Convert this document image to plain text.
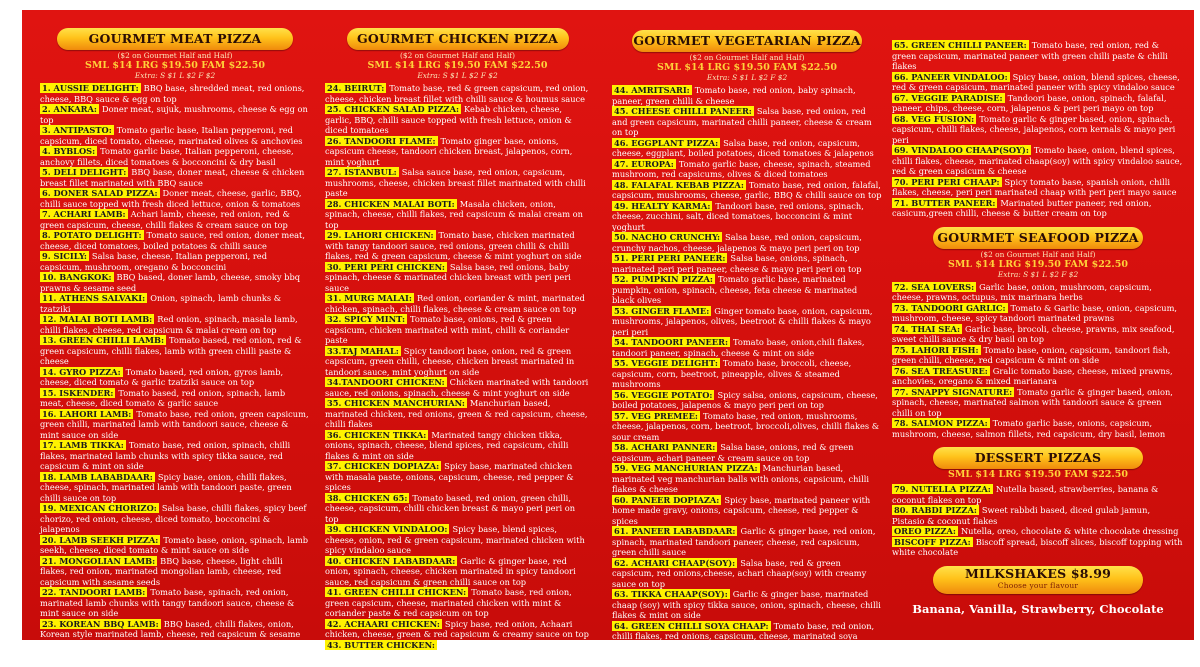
GOURMET MEAT PIZZA
($2 on Gourmet Half and Half)
SML $14 LRG $19.50 FAM $22.50
Extra: S $1 L $2 F $2

1. AUSSIE DELIGHT: BBQ base, shredded meat, red onions, cheese, BBQ sauce & egg on top

2. ANKARA: Doner meat, sujuk, mushrooms, cheese & egg on top

3. ANTIPASTO: Tomato garlic base, Italian pepperoni, red capsicum, diced tomato, cheese, marinated olives & anchovies

4. BYBLOS: Tomato garlic base, Italian pepperoni, cheese, anchovy fillets, diced tomatoes & bocconcini & dry basil

5. DELI DELIGHT: BBQ base, doner meat, cheese & chicken breast fillet marinated with BBQ sauce

6. DONER SALAD PIZZA: Doner meat, cheese, garlic, BBQ, chilli sauce topped with fresh diced lettuce, onion & tomatoes

7. ACHARI LAMB: Achari lamb, cheese, red onion, red & green capsicum, cheese, chilli flakes & cream sauce on top

8. POTATO DELIGHT: Tomato sauce, red onion, doner meat, cheese, diced tomatoes, boiled potatoes & chilli sauce

9. SICILY: Salsa base, cheese, Italian pepperoni, red capsicum, mushroom, oregano & bocconcini

10. BANGKOK: BBQ based, doner lamb, cheese, smoky bbq prawns & sesame seed

11. ATHENS SALVAKI: Onion, spinach, lamb chunks & tzatziki

12. MALAI BOTI LAMB: Red onion, spinach, masala lamb, chilli flakes, cheese, red capsicum & malai cream on top

13. GREEN CHILLI LAMB: Tomato based, red onion, red & green capsicum, chilli flakes, lamb with green chilli paste & cheese

14. GYRO PIZZA: Tomato based, red onion, gyros lamb, cheese, diced tomato & garlic tzatziki sauce on top

15. ISKENDER: Tomato based, red onion, spinach, lamb meat, cheese, diced tomato & garlic sauce

16. LAHORI LAMB: Tomato base, red onion, green capsicum, green chilli, marinated lamb with tandoori sauce, cheese & mint sauce on side

17. LAMB TIKKA: Tomato base, red onion, spinach, chilli flakes, marinated lamb chunks with spicy tikka sauce, red capsicum & mint on side

18. LAMB LABABDAAR: Spicy base, onion, chilli flakes, cheese, spinach, marinated lamb with tandoori paste, green chilli sauce on top

19. MEXICAN CHORIZO: Salsa base, chilli flakes, spicy beef chorizo, red onion, cheese, diced tomato, bocconcini & jalapenos

20. LAMB SEEKH PIZZA: Tomato base, onion, spinach, lamb seekh, cheese, diced tomato & mint sauce on side

21. MONGOLIAN LAMB: BBQ base, cheese, light chilli flakes, red onion, marinated mongolian lamb, cheese, red capsicum with sesame seeds

22. TANDOORI LAMB: Tomato base, spinach, red onion, marinated lamb chunks with tangy tandoori sauce, cheese & mint sauce on side

23. KOREAN BBQ LAMB: BBQ based, chilli flakes, onion, Korean style marinated lamb, cheese, red capsicum & sesame seeds

GOURMET CHICKEN PIZZA
($2 on Gourmet Half and Half)
SML $14 LRG $19.50 FAM $22.50
Extra: S $1 L $2 F $2

24. BEIRUT: Tomato base, red & green capsicum, red onion, cheese, chicken breast fillet with chilli sauce & houmus sauce

25. CHICKEN SALAD PIZZA: Kebab chicken, cheese, garlic, BBQ, chilli sauce topped with fresh lettuce, onion & diced tomatoes

26. TANDOORI FLAME: Tomato ginger base, onions, capsicum cheese, tandoori chicken breast, jalapenos, corn, mint yoghurt

27. ISTANBUL: Salsa sauce base, red onion, capsicum, mushrooms, cheese, chicken breast fillet marinated with chilli paste

28. CHICKEN MALAI BOTI: Masala chicken, onion, spinach, cheese, chilli flakes, red capsicum & malai cream on top

29. LAHORI CHICKEN: Tomato base, chicken marinated with tangy tandoori sauce, red onions, green chilli & chilli flakes, red & green capsicum, cheese & mint yoghurt on side

30. PERI PERI CHICKEN: Salsa base, red onions, baby spinach, cheese & marinated chicken breast with peri peri sauce

31. MURG MALAI: Red onion, coriander & mint, marinated chicken, spinach, chilli flakes, cheese & cream sauce on top

32. SPICY MINT: Tomato base, onions, red & green capsicum, chicken marinated with mint, chilli & coriander paste

33.TAJ MAHAL: Spicy tandoori base, onion, red & green capsicum, green chilli, cheese, chicken breast marinated in tandoori sauce, mint yoghurt on side

34.TANDOORI CHICKEN: Chicken marinated with tandoori sauce, red onions, spinach, cheese & mint yoghurt on side

35. CHICKEN MANCHURIAN: Manchurian based, marinated chicken, red onions, green & red capsicum, cheese, chilli flakes

36. CHICKEN TIKKA: Marinated tangy chicken tikka, onions, spinach, cheese, blend spices, red capsicum, chilli flakes & mint on side

37. CHICKEN DOPIAZA: Spicy base, marinated chicken with masala paste, onions, capsicum, cheese, red pepper & spices

38. CHICKEN 65: Tomato based, red onion, green chilli, cheese, capsicum, chilli chicken breast & mayo peri peri on top

39. CHICKEN VINDALOO: Spicy base, blend spices, cheese, onion, red & green capsicum, marinated chicken with spicy vindaloo sauce

40. CHICKEN LABABDAAR: Garlic & ginger base, red onion, spinach, cheese, chicken marinated in spicy tandoori sauce, red capsicum & green chilli sauce on top

41. GREEN CHILLI CHICKEN: Tomato base, red onion, green capsicum, cheese, marinated chicken with mint & coriander paste & red capsicum on top

42. ACHAARI CHICKEN: Spicy base, red onion, Achaari chicken, cheese, green & red capsicum & creamy sauce on top

43. BUTTER CHICKEN: Marinated butter chicken, red onion, casicum, green chilli, cheese & butter cream on top

GOURMET VEGETARIAN PIZZA
($2 on Gourmet Half and Half)
SML $14 LRG $19.50 FAM $22.50
Extra: S $1 L $2 F $2

44. AMRITSARI: Tomato base, red onion, baby spinach, paneer, green chilli & cheese

45. CHEESE CHILLI PANEER: Salsa base, red onion, red and green capsicum, marinated chilli paneer, cheese & cream on top

46. EGGPLANT PIZZA: Salsa base, red onion, capsicum, cheese, eggplant, boiled potatoes, diced tomatoes & jalapenos

47. EUROPA: Tomato garlic base, cheese, spinach, steamed mushroom, red capsicums, olives & diced tomatoes

48. FALAFAL KEBAB PIZZA: Tomato base, red onion, falafal, capsicum, mushrooms, cheese, garlic, BBQ & chilli sauce on top

49. HEALTY KARMA: Tandoori base, red onions, spinach, cheese, zucchini, salt, diced tomatoes, bocconcini & mint yoghurt

50. NACHO CRUNCHY: Salsa base, red onion, capsicum, crunchy nachos, cheese, jalapenos & mayo peri peri on top

51. PERI PERI PANEER: Salsa base, onions, spinach, marinated peri peri paneer, cheese & mayo peri peri on top

52. PUMPKIN PIZZA: Tomato garlic base, marinated pumpkin, onion, spinach, cheese, feta cheese & marinated black olives

53. GINGER FLAME: Ginger tomato base, onion, capsicum, mushrooms, jalapenos, olives, beetroot & chilli flakes & mayo peri peri

54. TANDOORI PANEER: Tomato base, onion,chili flakes, tandoori paneer, spinach, cheese & mint on side

55. VEGGIE DELIGHT: Tomato base, broccoli, cheese, capsicum, corn, beetroot, pineapple, olives & steamed mushrooms

56. VEGGIE POTATO: Spicy salsa, onions, capsicum, cheese, boiled potatoes, jalapenos & mayo peri peri on top

57. VEG PREMEE: Tomato base, red onion, mushrooms, cheese, jalapenos, corn, beetroot, broccoli,olives, chilli flakes & sour cream

58. ACHARI PANNER: Salsa base, onions, red & green capsicum, achari paneer & cream sauce on top

59. VEG MANCHURIAN PIZZA: Manchurian based, marinated veg manchurian balls with onions, capsicum, chilli flakes & cheese

60. PANEER DOPIAZA: Spicy base, marinated paneer with home made gravy, onions, capsicum, cheese, red pepper & spices

61. PANEER LABABDAAR: Garlic & ginger base, red onion, spinach, marinated tandoori paneer, cheese, red capsicum, green chilli sauce

62. ACHARI CHAAP(SOY): Salsa base, red & green capsicum, red onions,cheese, achari chaap(soy) with creamy sauce on top

63. TIKKA CHAAP(SOY): Garlic & ginger base, marinated chaap (soy) with spicy tikka sauce, onion, spinach, cheese, chilli flakes & mint on side

64. GREEN CHILLI SOYA CHAAP: Tomato base, red onion, chilli flakes, red onions, capsicum, cheese, marinated soya chaap with homestyle green chilli paste & red capsicum on top

65. GREEN CHILLI PANEER: Tomato base, red onion, red & green capsicum, marinated paneer with green chilli paste & chilli flakes

66. PANEER VINDALOO: Spicy base, onion, blend spices, cheese, red & green capsicum, marinated paneer with spicy vindaloo sauce

67. VEGGIE PARADISE: Tandoori base, onion, spinach, falafal, paneer, chips, cheese, corn, jalapenos & peri peri mayo on top

68. VEG FUSION: Tomato garlic & ginger based, onion, spinach, capsicum, chilli flakes, cheese, jalapenos, corn kernals & mayo peri peri

69. VINDALOO CHAAP(SOY): Tomato base, onion, blend spices, chilli flakes, cheese, marinated chaap(soy) with spicy vindaloo sauce, red & green capsicum & cheese

70. PERI PERI CHAAP: Spicy tomato base, spanish onion, chilli flakes, cheese, peri peri marinated chaap with peri peri mayo sauce

71. BUTTER PANEER: Marinated butter paneer, red onion, casicum,green chilli, cheese & butter cream on top

GOURMET SEAFOOD PIZZA
($2 on Gourmet Half and Half)
SML $14 LRG $19.50 FAM $22.50
Extra: S $1 L $2 F $2

72. SEA LOVERS: Garlic base, onion, mushroom, capsicum, cheese, prawns, octupus, mix marinara herbs

73. TANDOORI GARLIC: Tomato & Garlic base, onion, capsicum, mushroom, cheese, spicy tandoori marinated prawns

74. THAI SEA: Garlic base, brocoli, cheese, prawns, mix seafood, sweet chilli sauce & dry basil on top

75. LAHORI FISH: Tomato base, onion, capsicum, tandoori fish, green chilli, cheese, red capsicum & mint on side

76. SEA TREASURE: Gralic tomato base, cheese, mixed prawns, anchovies, oregano & mixed marianara

77. SNAPPY SIGNATURE: Tomato garlic & ginger based, onion, spinach, cheese, marinated salmon with tandoori sauce & green chilli on top

78. SALMON PIZZA: Tomato garlic base, onions, capsicum, mushroom, cheese, salmon fillets, red capsicum, dry basil, lemon

DESSERT PIZZAS
SML $14 LRG $19.50 FAM $22.50

79. NUTELLA PIZZA: Nutella based, strawberries, banana & coconut flakes on top

80. RABDI PIZZA: Sweet rabbdi based, diced gulab jamun, Pistasio & coconut flakes

OREO PIZZA: Nutella, oreo, chocolate & white chocolate dressing

BISCOFF PIZZA: Biscoff spread, biscoff slices, biscoff topping with white chocolate

MILKSHAKES $8.99
Choose your flavour
Banana, Vanilla, Strawberry, Chocolate
